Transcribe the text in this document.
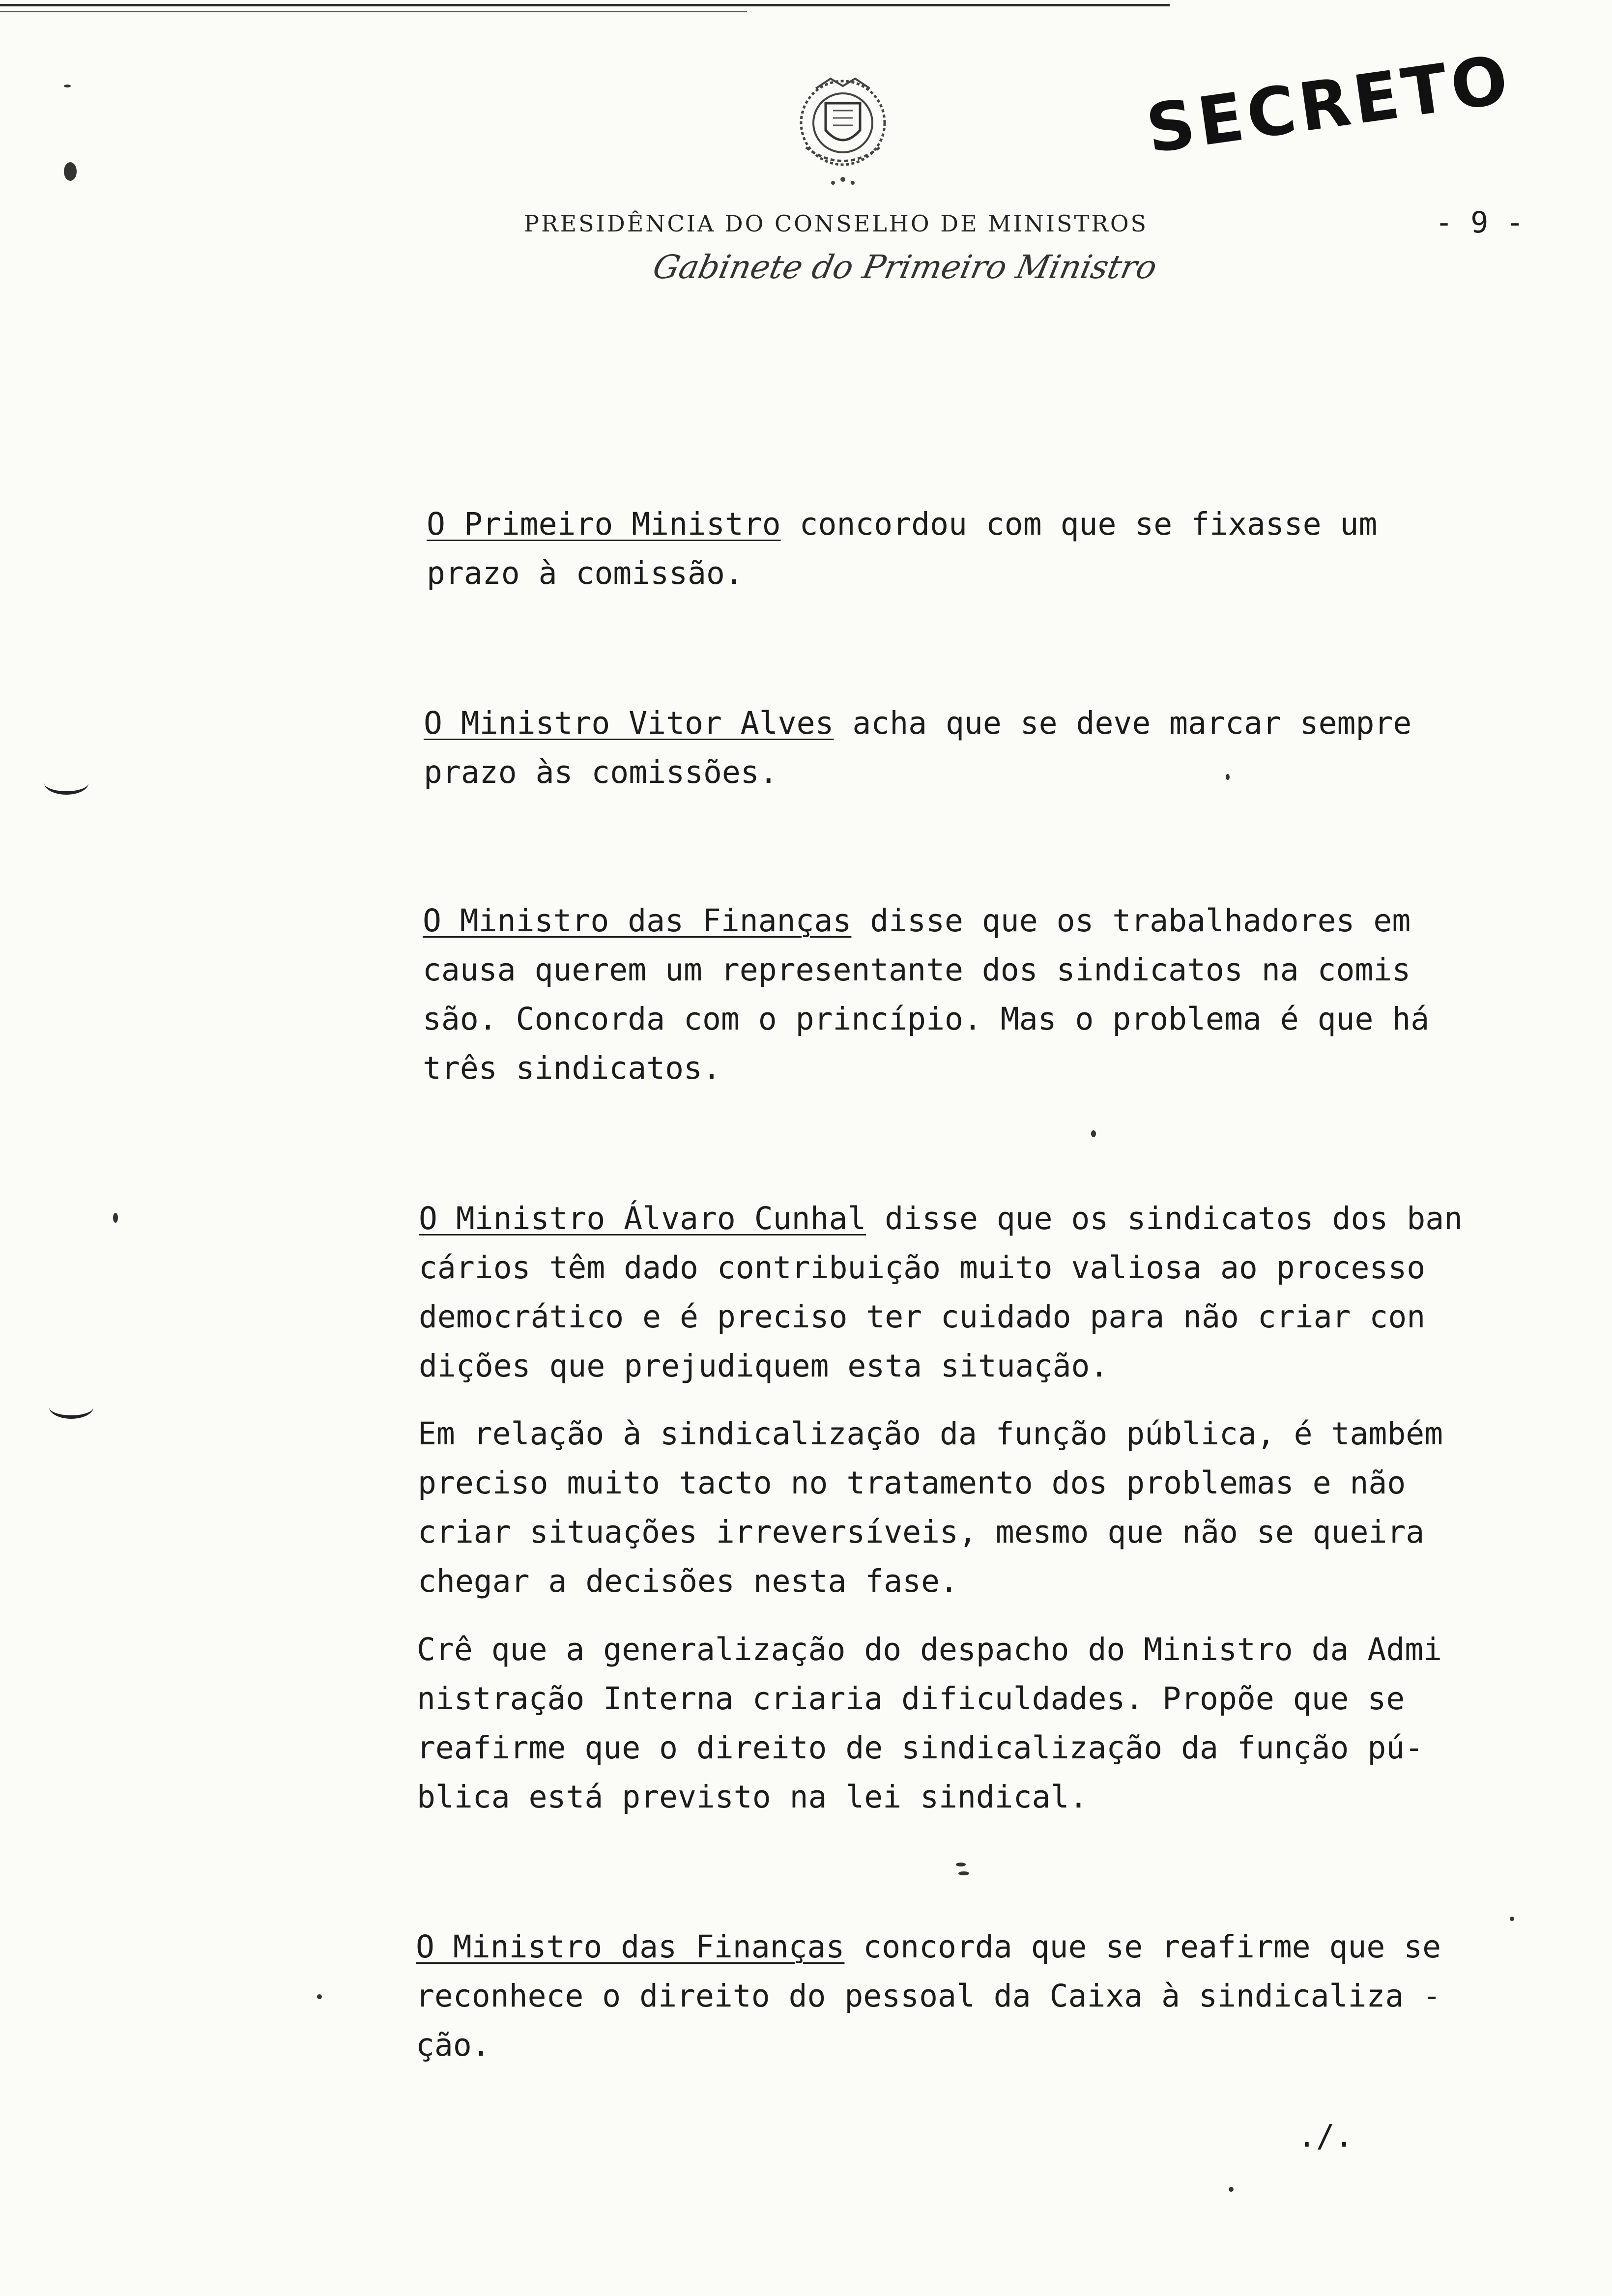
SECRETO
PRESIDÊNCIA DO CONSELHO DE MINISTROS	- 9 -
Gabinete do Primeiro Ministro
O Primeiro Ministro concordou com que se fixasse um
prazo à comissão.
O Ministro Vitor Alves acha que se deve marcar sempre
prazo às comissões.
O Ministro das Finanças disse que os trabalhadores em
causa querem um representante dos sindicatos na comis
são. Concorda com o princípio. Mas o problema é que há
três sindicatos.
O Ministro Álvaro Cunhal disse que os sindicatos dos ban
cários têm dado contribuição muito valiosa ao processo
democrático e é preciso ter cuidado para não criar con
dições que prejudiquem esta situação.
Em relação à sindicalização da função pública, é também
preciso muito tacto no tratamento dos problemas e não
criar situações irreversíveis, mesmo que não se queira
chegar a decisões nesta fase.
Crê que a generalização do despacho do Ministro da Admi
nistração Interna criaria dificuldades. Propõe que se
reafirme que o direito de sindicalização da função pú-
blica está previsto na lei sindical.
O Ministro das Finanças concorda que se reafirme que se
reconhece o direito do pessoal da Caixa à sindicaliza -
ção.
./.
